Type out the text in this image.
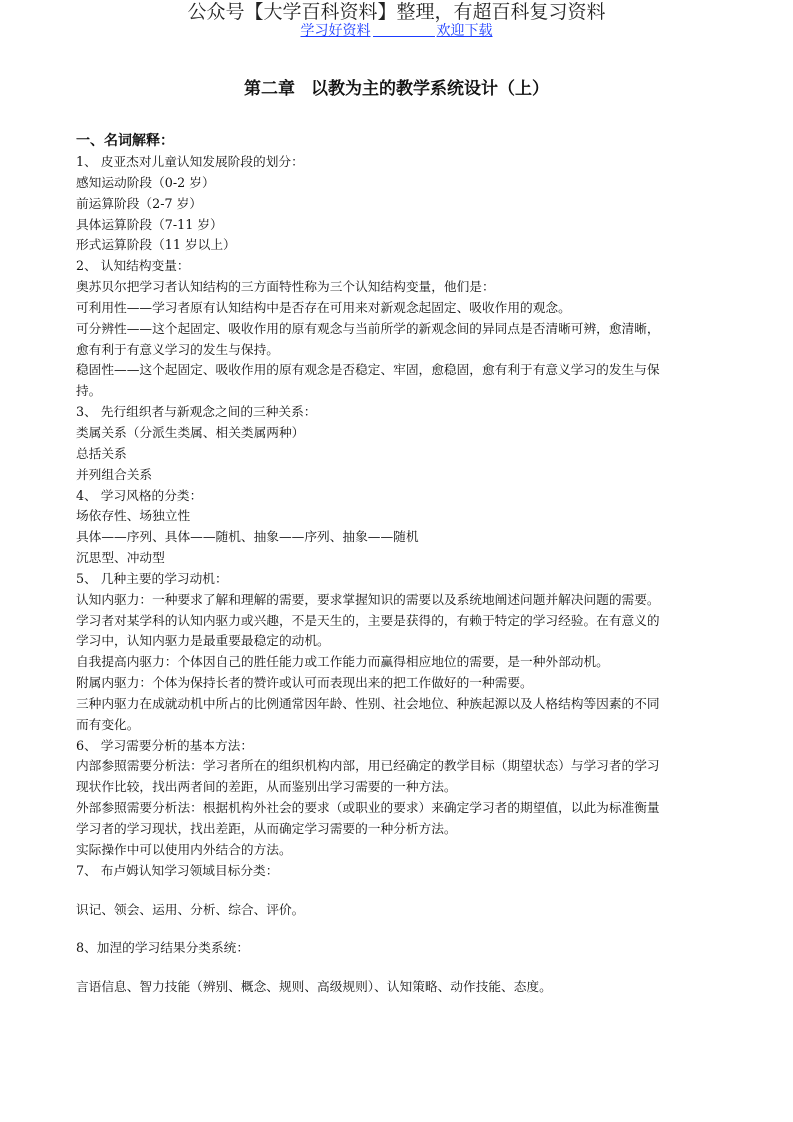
公众号【大学百科资料】整理，有超百科复习资料
学习好资料	欢迎下载
第二章 以教为主的教学系统设计（上）
一、名词解释：

1、 皮亚杰对儿童认知发展阶段的划分：

感知运动阶段（0-2 岁）

前运算阶段（2-7 岁）

具体运算阶段（7-11 岁）

形式运算阶段（11 岁以上）

2、 认知结构变量：

奥苏贝尔把学习者认知结构的三方面特性称为三个认知结构变量，他们是：

可利用性——学习者原有认知结构中是否存在可用来对新观念起固定、吸收作用的观念。

可分辨性——这个起固定、吸收作用的原有观念与当前所学的新观念间的异同点是否清晰可辨，愈清晰，

愈有利于有意义学习的发生与保持。

稳固性——这个起固定、吸收作用的原有观念是否稳定、牢固，愈稳固，愈有利于有意义学习的发生与保

持。

3、 先行组织者与新观念之间的三种关系：

类属关系（分派生类属、相关类属两种）

总括关系

并列组合关系

4、 学习风格的分类：

场依存性、场独立性

具体——序列、具体——随机、抽象——序列、抽象——随机

沉思型、冲动型

5、 几种主要的学习动机：

认知内驱力：一种要求了解和理解的需要，要求掌握知识的需要以及系统地阐述问题并解决问题的需要。

学习者对某学科的认知内驱力或兴趣，不是天生的，主要是获得的，有赖于特定的学习经验。在有意义的

学习中，认知内驱力是最重要最稳定的动机。

自我提高内驱力：个体因自己的胜任能力或工作能力而赢得相应地位的需要，是一种外部动机。

附属内驱力：个体为保持长者的赞许或认可而表现出来的把工作做好的一种需要。

三种内驱力在成就动机中所占的比例通常因年龄、性别、社会地位、种族起源以及人格结构等因素的不同

而有变化。

6、 学习需要分析的基本方法：

内部参照需要分析法：学习者所在的组织机构内部，用已经确定的教学目标（期望状态）与学习者的学习

现状作比较，找出两者间的差距，从而鉴别出学习需要的一种方法。

外部参照需要分析法：根据机构外社会的要求（或职业的要求）来确定学习者的期望值，以此为标准衡量

学习者的学习现状，找出差距，从而确定学习需要的一种分析方法。

实际操作中可以使用内外结合的方法。

7、 布卢姆认知学习领域目标分类：

识记、领会、运用、分析、综合、评价。

8、加涅的学习结果分类系统：

言语信息、智力技能（辨别、概念、规则、高级规则）、认知策略、动作技能、态度。
